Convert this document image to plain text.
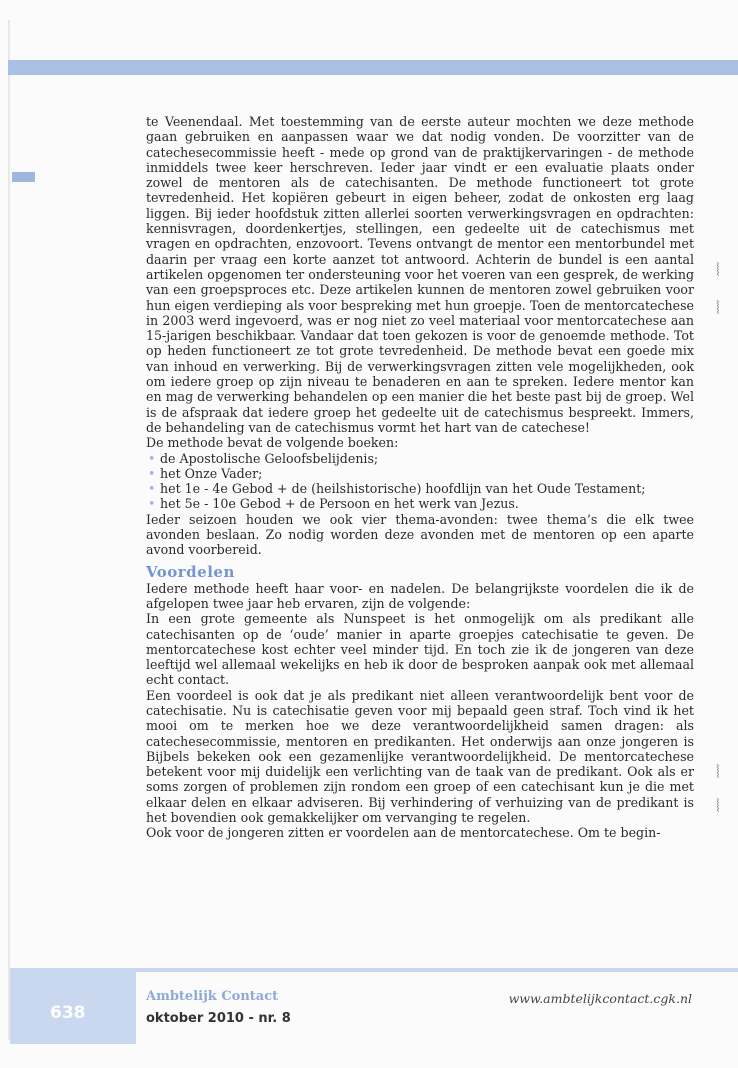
⦚
⦚
⦚
⦚

te Veenendaal. Met toestemming van de eerste auteur mochten we deze methode gaan gebruiken en aanpassen waar we dat nodig vonden. De voorzitter van de catechesecommissie heeft - mede op grond van de praktijkervaringen - de methode inmiddels twee keer herschreven. Ieder jaar vindt er een evaluatie plaats onder zowel de mentoren als de catechisanten. De methode functioneert tot grote tevredenheid. Het kopiëren gebeurt in eigen beheer, zodat de onkosten erg laag liggen. Bij ieder hoofdstuk zitten allerlei soorten verwerkingsvragen en opdrachten: kennisvragen, doordenkertjes, stellingen, een gedeelte uit de catechismus met vragen en opdrachten, enzovoort. Tevens ontvangt de mentor een mentorbundel met daarin per vraag een korte aanzet tot antwoord. Achterin de bundel is een aantal artikelen opgenomen ter ondersteuning voor het voeren van een gesprek, de werking van een groepsproces etc. Deze artikelen kunnen de mentoren zowel gebruiken voor hun eigen verdieping als voor bespreking met hun groepje. Toen de mentorcatechese in 2003 werd ingevoerd, was er nog niet zo veel materiaal voor mentorcatechese aan 15-jarigen beschikbaar. Vandaar dat toen gekozen is voor de genoemde methode. Tot op heden functioneert ze tot grote tevredenheid. De methode bevat een goede mix van inhoud en verwerking. Bij de verwerkingsvragen zitten vele mogelijkheden, ook om iedere groep op zijn niveau te benaderen en aan te spreken. Iedere mentor kan en mag de verwerking behandelen op een manier die het beste past bij de groep. Wel is de afspraak dat iedere groep het gedeelte uit de catechismus bespreekt. Immers, de behandeling van de catechismus vormt het hart van de catechese!

De methode bevat de volgende boeken:

• de Apostolische Geloofsbelijdenis;
• het Onze Vader;
• het 1e - 4e Gebod + de (heilshistorische) hoofdlijn van het Oude Testament;
• het 5e - 10e Gebod + de Persoon en het werk van Jezus.

Ieder seizoen houden we ook vier thema-avonden: twee thema’s die elk twee avonden beslaan. Zo nodig worden deze avonden met de mentoren op een aparte avond voorbereid.

Voordelen

Iedere methode heeft haar voor- en nadelen. De belangrijkste voordelen die ik de afgelopen twee jaar heb ervaren, zijn de volgende:

In een grote gemeente als Nunspeet is het onmogelijk om als predikant alle catechisanten op de ‘oude’ manier in aparte groepjes catechisatie te geven. De mentorcatechese kost echter veel minder tijd. En toch zie ik de jongeren van deze leeftijd wel allemaal wekelijks en heb ik door de besproken aanpak ook met allemaal echt contact.

Een voordeel is ook dat je als predikant niet alleen verantwoordelijk bent voor de catechisatie. Nu is catechisatie geven voor mij bepaald geen straf. Toch vind ik het mooi om te merken hoe we deze verantwoordelijkheid samen dragen: als catechesecommissie, mentoren en predikanten. Het onderwijs aan onze jongeren is Bijbels bekeken ook een gezamenlijke verantwoordelijkheid. De mentorcatechese betekent voor mij duidelijk een verlichting van de taak van de predikant. Ook als er soms zorgen of problemen zijn rondom een groep of een catechisant kun je die met elkaar delen en elkaar adviseren. Bij verhindering of verhuizing van de predikant is het bovendien ook gemakkelijker om vervanging te regelen.

Ook voor de jongeren zitten er voordelen aan de mentorcatechese. Om te begin-

638
Ambtelijk Contact
oktober 2010 - nr. 8
www.ambtelijkcontact.cgk.nl
